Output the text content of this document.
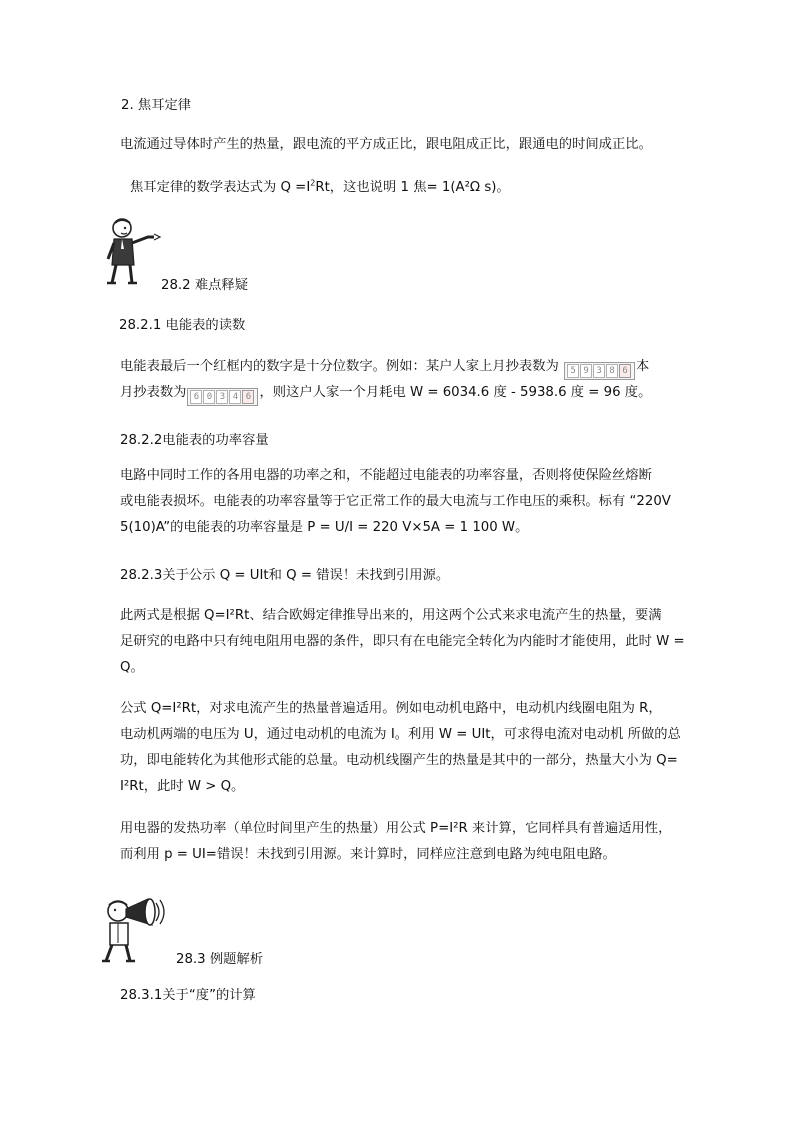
2. 焦耳定律
电流通过导体时产生的热量，跟电流的平方成正比，跟电阻成正比，跟通电的时间成正比。
焦耳定律的数学表达式为 $Q =I^2Rt$，这也说明 1 焦= 1(A²Ω s)。
28.2 难点释疑
28.2.1 电能表的读数
电能表最后一个红框内的数字是十分位数字。例如：某户人家上月抄表数为 5 9 3 8 6 本
月抄表数为 6 0 3 4 6 ，则这户人家一个月耗电 W = 6034.6 度 - 5938.6 度 = 96 度。
28.2.2电能表的功率容量
电路中同时工作的各用电器的功率之和，不能超过电能表的功率容量，否则将使保险丝熔断
或电能表损坏。电能表的功率容量等于它正常工作的最大电流与工作电压的乘积。标有 “220V
5(10)A”的电能表的功率容量是 P = U/I = 220 V×5A = 1 100 W。
28.2.3关于公示 Q = UIt和 Q = 错误！未找到引用源。
此两式是根据 Q=I²Rt、结合欧姆定律推导出来的，用这两个公式来求电流产生的热量，要满
足研究的电路中只有纯电阻用电器的条件，即只有在电能完全转化为内能时才能使用，此时 W =
Q。
公式 Q=I²Rt，对求电流产生的热量普遍适用。例如电动机电路中，电动机内线圈电阻为 R，
电动机两端的电压为 U，通过电动机的电流为 I。利用 W = UIt，可求得电流对电动机 所做的总
功，即电能转化为其他形式能的总量。电动机线圈产生的热量是其中的一部分，热量大小为 Q=
I²Rt，此时 W > Q。
用电器的发热功率（单位时间里产生的热量）用公式 P=I²R 来计算，它同样具有普遍适用性，
而利用 p = UI=错误！未找到引用源。来计算时，同样应注意到电路为纯电阻电路。
28.3 例题解析
28.3.1关于“度”的计算
